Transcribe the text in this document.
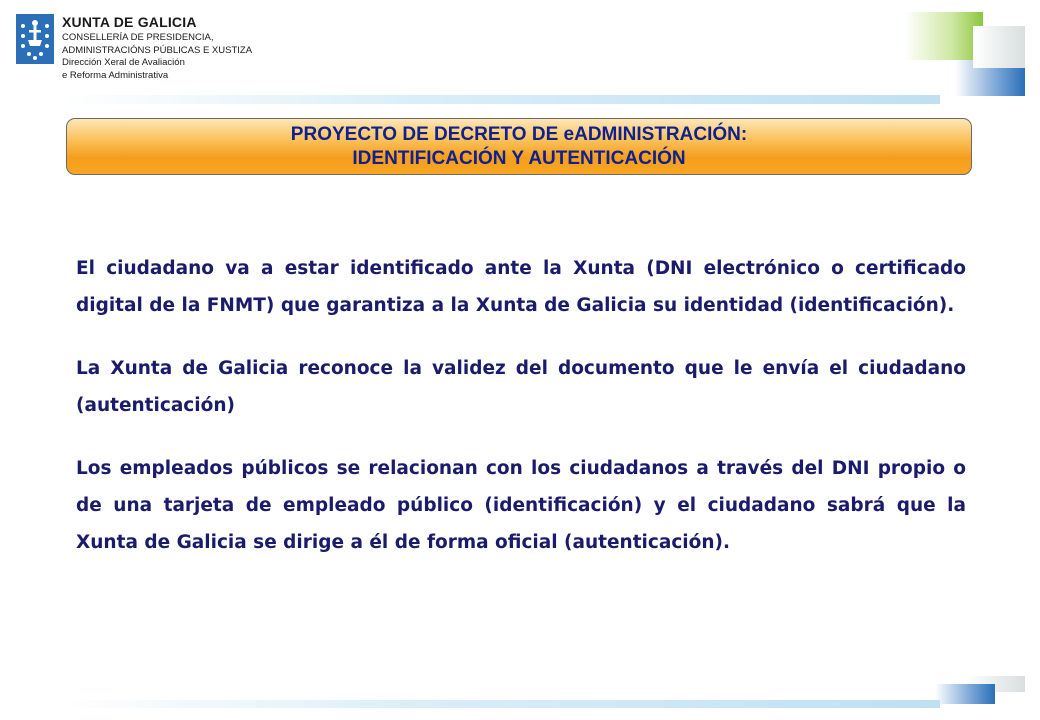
XUNTA DE GALICIA
CONSELLERÍA DE PRESIDENCIA,
ADMINISTRACIÓNS PÚBLICAS E XUSTIZA
Dirección Xeral de Avaliación
e Reforma Administrativa
PROYECTO DE DECRETO DE eADMINISTRACIÓN:
IDENTIFICACIÓN Y AUTENTICACIÓN

El ciudadano va a estar identificado ante la Xunta (DNI electrónico o certificado digital de la FNMT) que garantiza a la Xunta de Galicia su identidad (identificación).

La Xunta de Galicia reconoce la validez del documento que le envía el ciudadano (autenticación)

Los empleados públicos se relacionan con los ciudadanos a través del DNI propio o de una tarjeta de empleado público (identificación) y el ciudadano sabrá que la Xunta de Galicia se dirige a él de forma oficial (autenticación).
